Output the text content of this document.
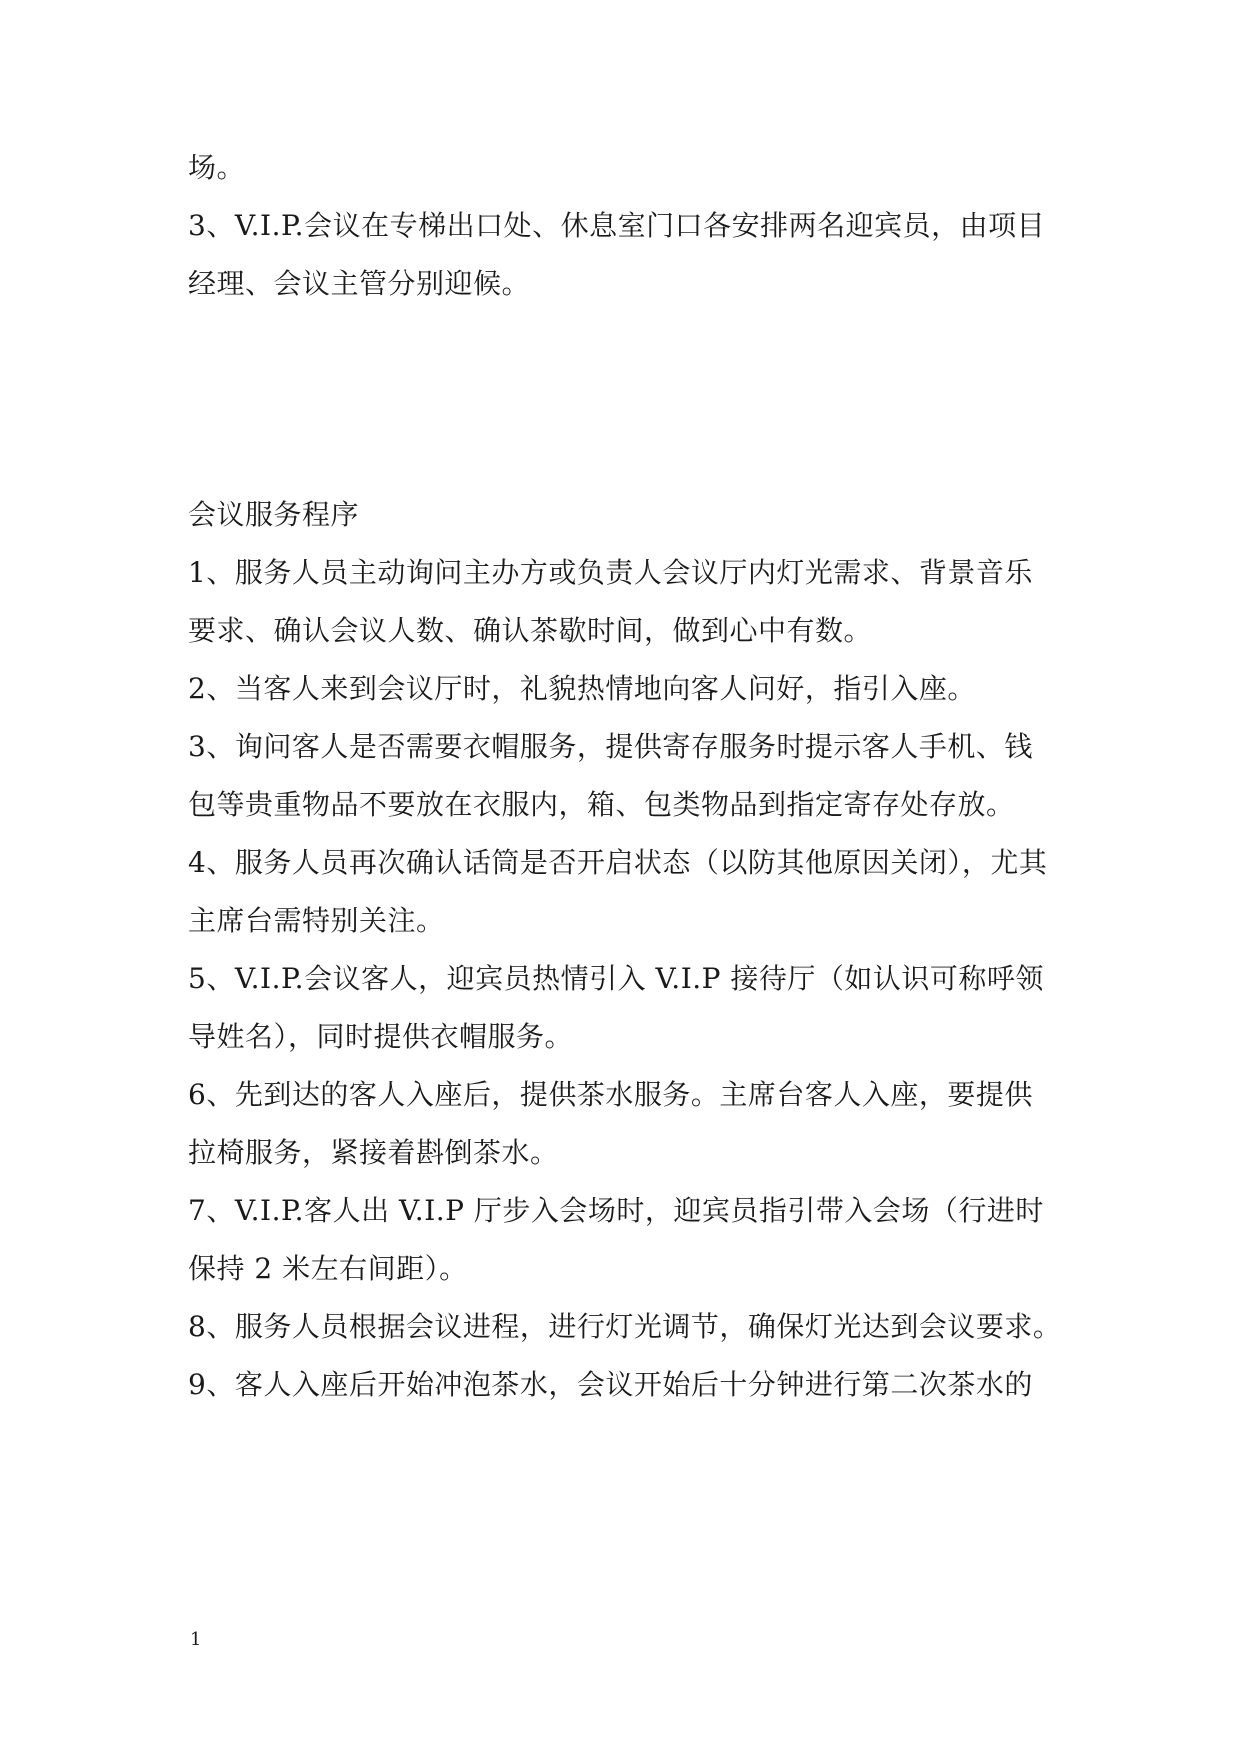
场。
3、V.I.P.会议在专梯出口处、休息室门口各安排两名迎宾员，由项目
经理、会议主管分别迎候。
会议服务程序
1、服务人员主动询问主办方或负责人会议厅内灯光需求、背景音乐
要求、确认会议人数、确认茶歇时间，做到心中有数。
2、当客人来到会议厅时，礼貌热情地向客人问好，指引入座。
3、询问客人是否需要衣帽服务，提供寄存服务时提示客人手机、钱
包等贵重物品不要放在衣服内，箱、包类物品到指定寄存处存放。
4、服务人员再次确认话筒是否开启状态（以防其他原因关闭），尤其
主席台需特别关注。
5、V.I.P.会议客人，迎宾员热情引入 V.I.P 接待厅（如认识可称呼领
导姓名），同时提供衣帽服务。
6、先到达的客人入座后，提供茶水服务。主席台客人入座，要提供
拉椅服务，紧接着斟倒茶水。
7、V.I.P.客人出 V.I.P 厅步入会场时，迎宾员指引带入会场（行进时
保持 2 米左右间距）。
8、服务人员根据会议进程，进行灯光调节，确保灯光达到会议要求。
9、客人入座后开始冲泡茶水，会议开始后十分钟进行第二次茶水的
1
